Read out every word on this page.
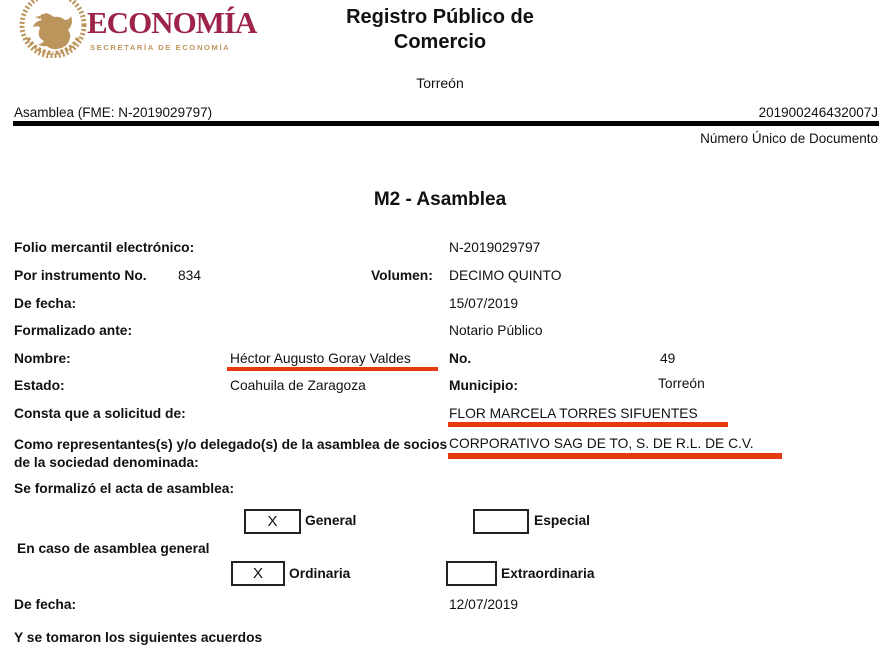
ECONOMÍA
SECRETARÍA DE ECONOMÍA
Registro Público de Comercio
Torreón
Asamblea (FME: N-2019029797)	201900246432007J
Número Único de Documento
M2 - Asamblea
Folio mercantil electrónico:	N-2019029797
Por instrumento No. 834	Volumen: DECIMO QUINTO
De fecha:	15/07/2019
Formalizado ante:	Notario Público
Nombre:	Héctor Augusto Goray Valdes	No.	49
Estado:	Coahuila de Zaragoza	Municipio:	Torreón
Consta que a solicitud de:	FLOR MARCELA TORRES SIFUENTES
Como representantes(s) y/o delegado(s) de la asamblea de socios de la sociedad denominada:
CORPORATIVO SAG DE TO, S. DE R.L. DE C.V.
Se formalizó el acta de asamblea:
X General	Especial
En caso de asamblea general
X Ordinaria	Extraordinaria
De fecha:	12/07/2019
Y se tomaron los siguientes acuerdos
